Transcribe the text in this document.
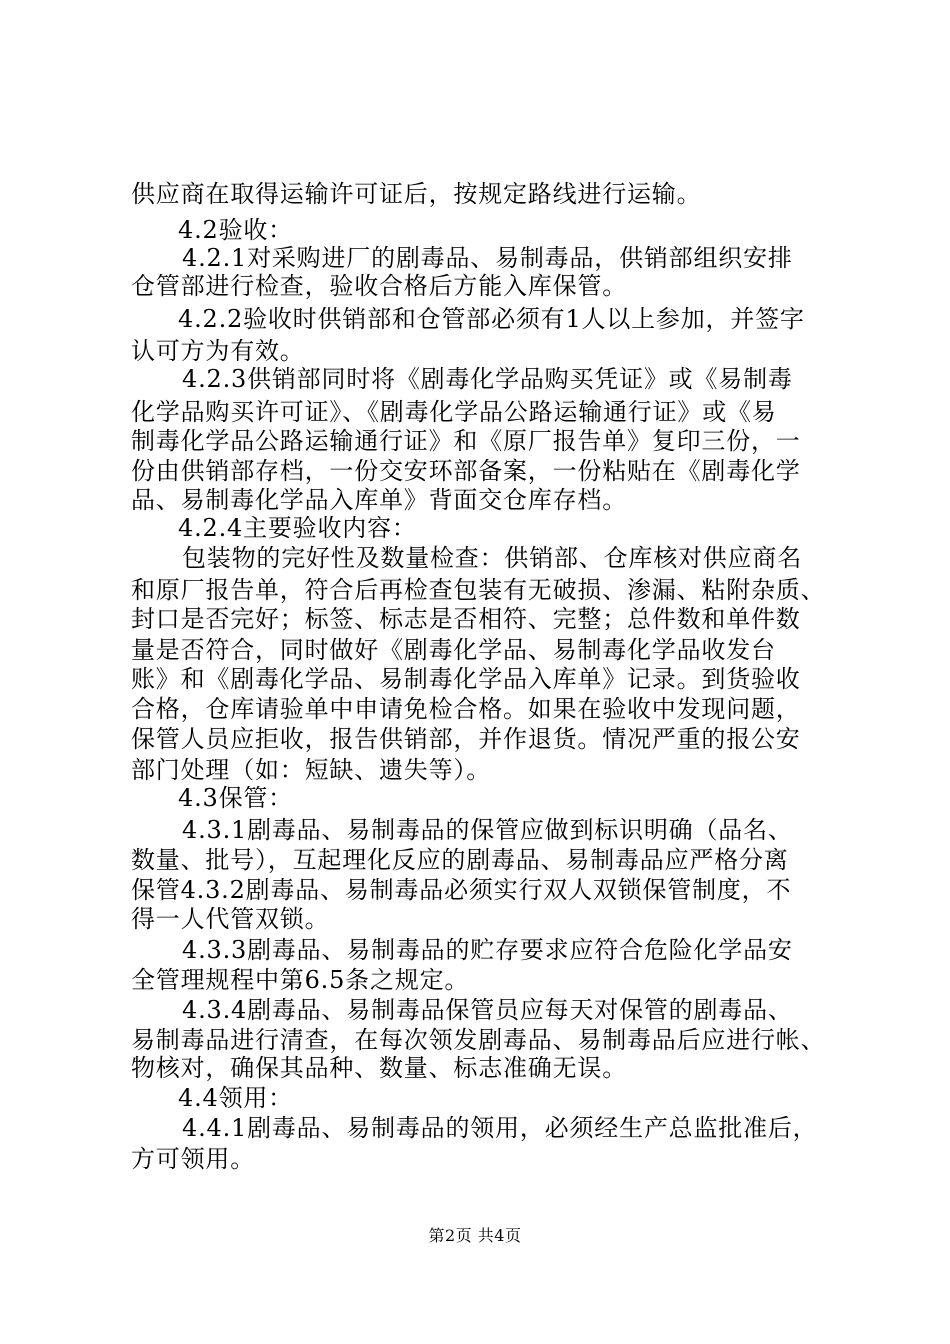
供应商在取得运输许可证后，按规定路线进行运输。
4.2验收：
4.2.1对采购进厂的剧毒品、易制毒品，供销部组织安排
仓管部进行检查，验收合格后方能入库保管。
4.2.2验收时供销部和仓管部必须有1人以上参加，并签字
认可方为有效。
4.2.3供销部同时将《剧毒化学品购买凭证》或《易制毒
化学品购买许可证》、《剧毒化学品公路运输通行证》或《易
制毒化学品公路运输通行证》和《原厂报告单》复印三份，一
份由供销部存档，一份交安环部备案，一份粘贴在《剧毒化学
品、易制毒化学品入库单》背面交仓库存档。
4.2.4主要验收内容：
包装物的完好性及数量检查：供销部、仓库核对供应商名
和原厂报告单，符合后再检查包装有无破损、渗漏、粘附杂质、
封口是否完好；标签、标志是否相符、完整；总件数和单件数
量是否符合，同时做好《剧毒化学品、易制毒化学品收发台
账》和《剧毒化学品、易制毒化学品入库单》记录。到货验收
合格，仓库请验单中申请免检合格。如果在验收中发现问题，
保管人员应拒收，报告供销部，并作退货。情况严重的报公安
部门处理（如：短缺、遗失等）。
4.3保管：
4.3.1剧毒品、易制毒品的保管应做到标识明确（品名、
数量、批号），互起理化反应的剧毒品、易制毒品应严格分离
保管4.3.2剧毒品、易制毒品必须实行双人双锁保管制度，不
得一人代管双锁。
4.3.3剧毒品、易制毒品的贮存要求应符合危险化学品安
全管理规程中第6.5条之规定。
4.3.4剧毒品、易制毒品保管员应每天对保管的剧毒品、
易制毒品进行清查，在每次领发剧毒品、易制毒品后应进行帐、
物核对，确保其品种、数量、标志准确无误。
4.4领用：
4.4.1剧毒品、易制毒品的领用，必须经生产总监批准后，
方可领用。
第2页 共4页
